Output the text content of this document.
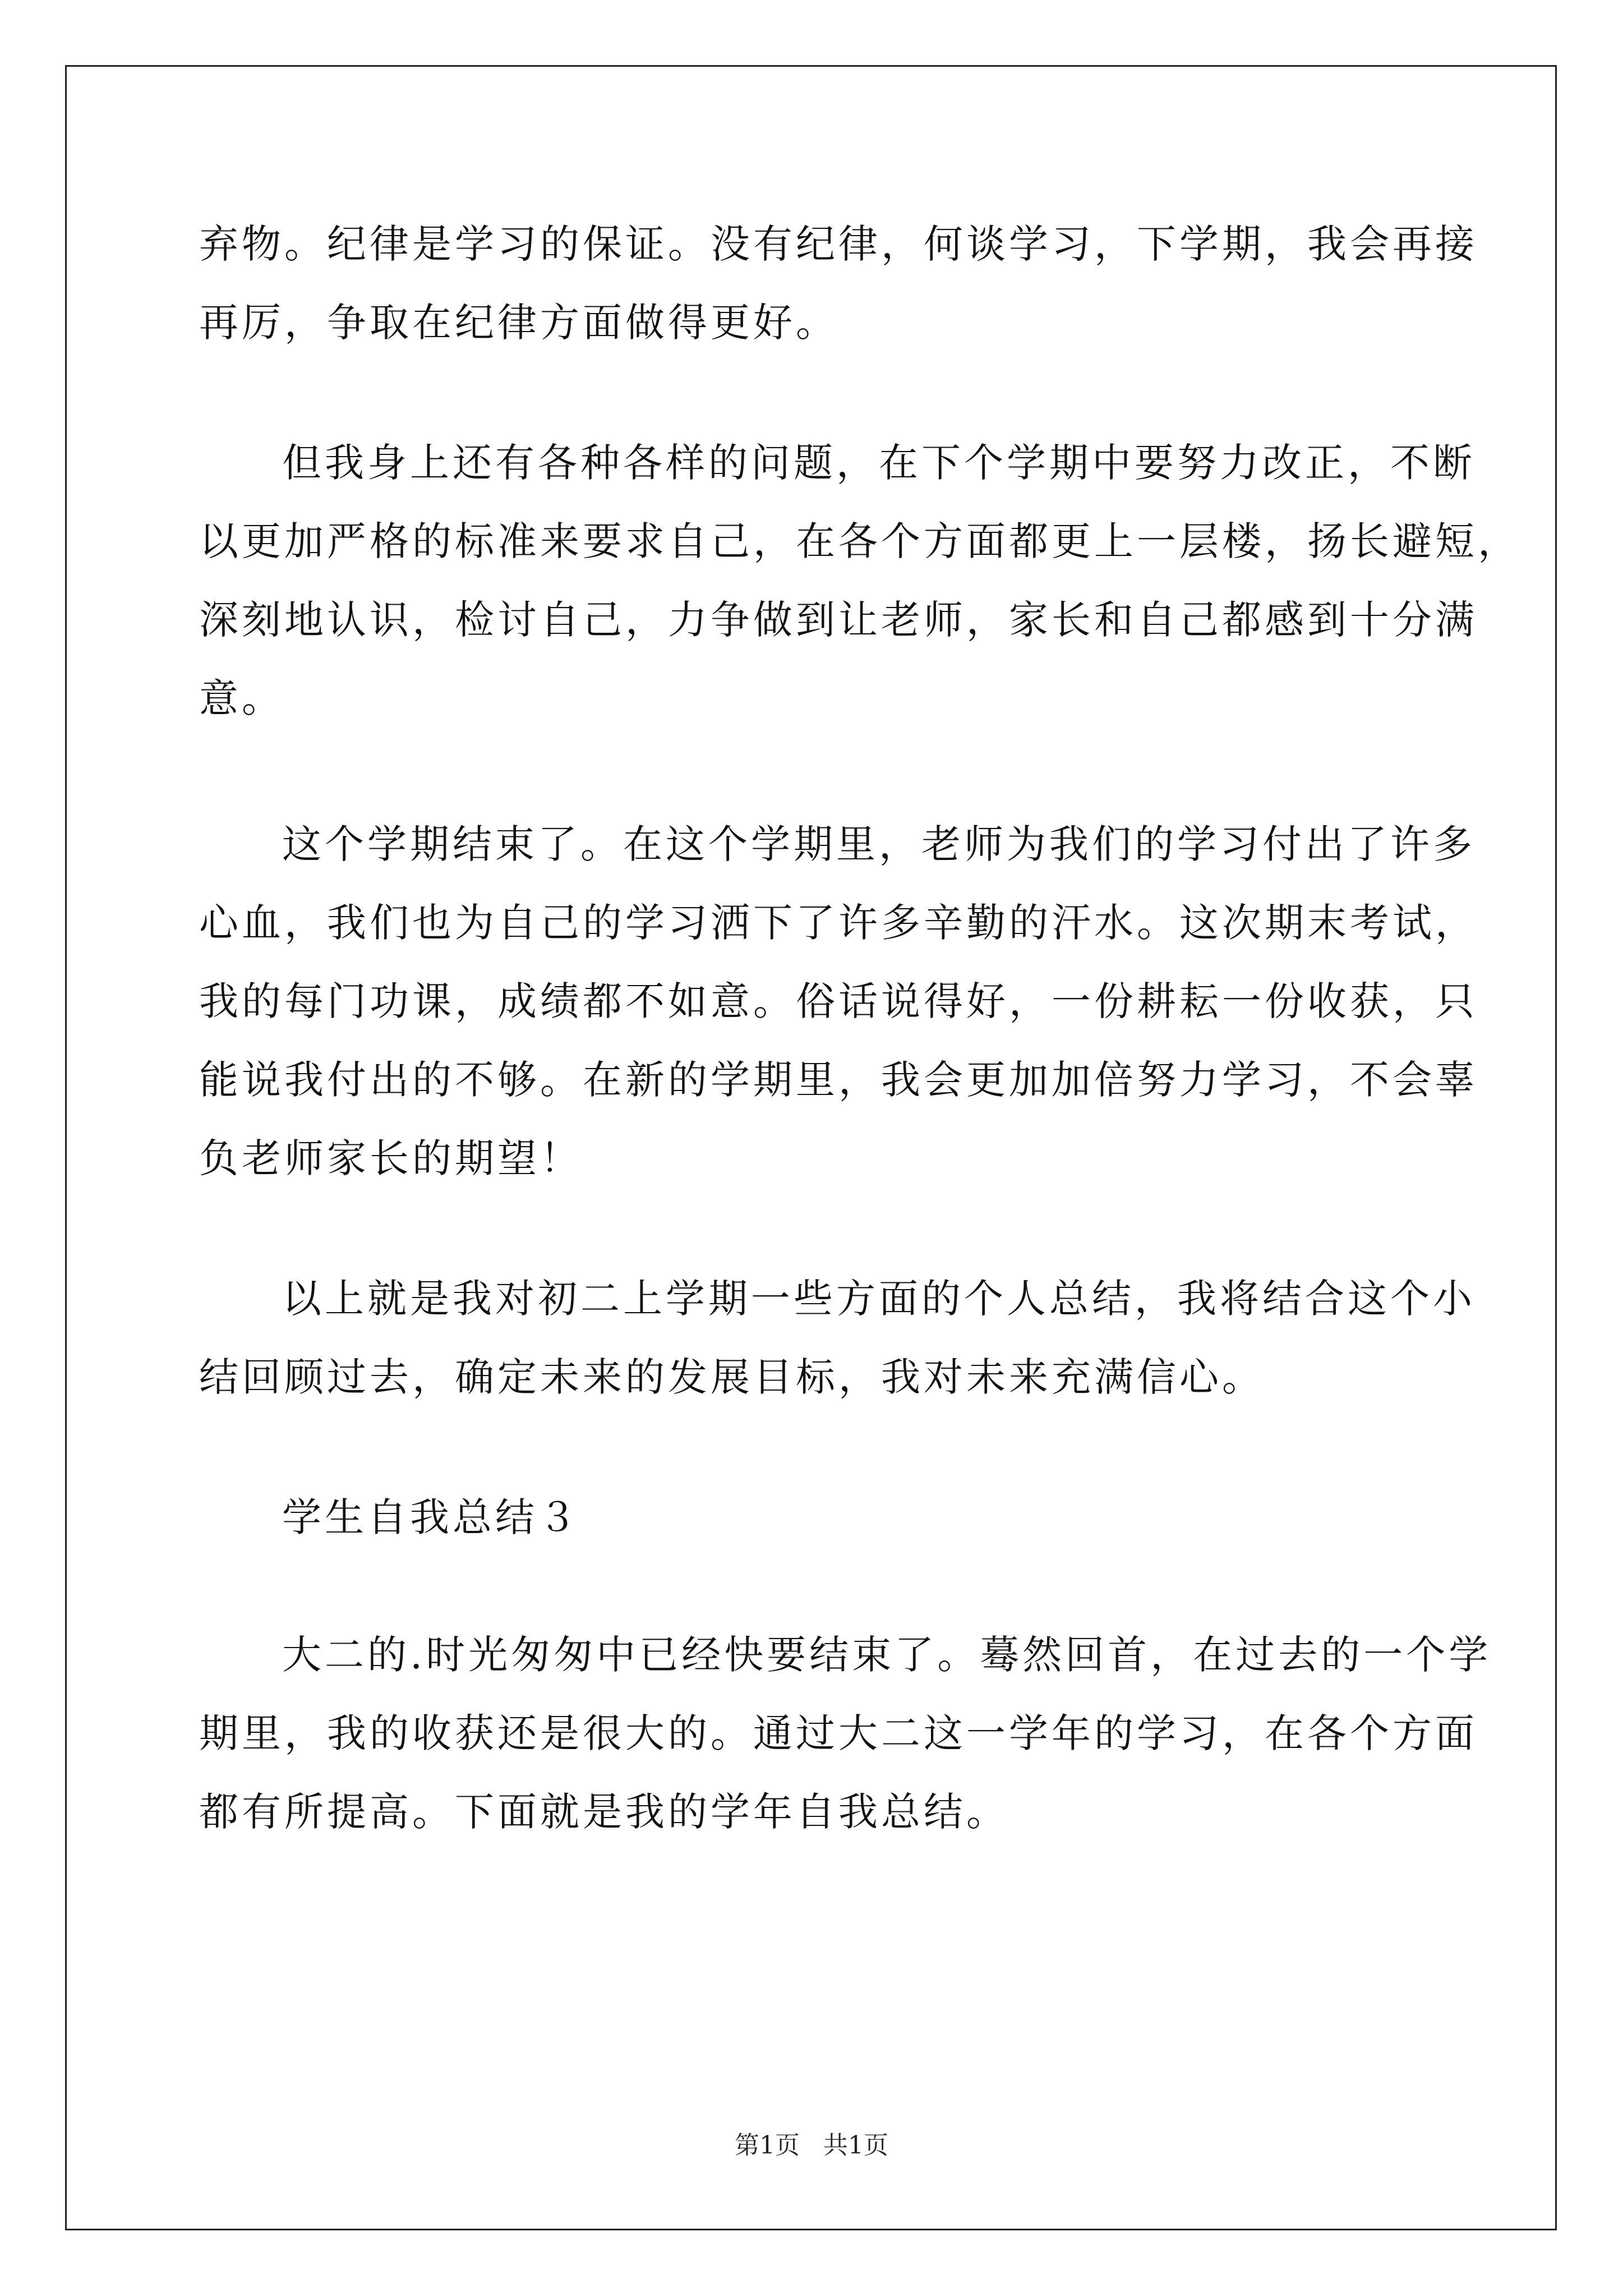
弃物。纪律是学习的保证。没有纪律，何谈学习，下学期，我会再接
再厉，争取在纪律方面做得更好。
但我身上还有各种各样的问题，在下个学期中要努力改正，不断
以更加严格的标准来要求自己，在各个方面都更上一层楼，扬长避短，
深刻地认识，检讨自己，力争做到让老师，家长和自己都感到十分满
意。
这个学期结束了。在这个学期里，老师为我们的学习付出了许多
心血，我们也为自己的学习洒下了许多辛勤的汗水。这次期末考试，
我的每门功课，成绩都不如意。俗话说得好，一份耕耘一份收获，只
能说我付出的不够。在新的学期里，我会更加加倍努力学习，不会辜
负老师家长的期望！
以上就是我对初二上学期一些方面的个人总结，我将结合这个小
结回顾过去，确定未来的发展目标，我对未来充满信心。
学生自我总结３
大二的.时光匆匆中已经快要结束了。蓦然回首，在过去的一个学
期里，我的收获还是很大的。通过大二这一学年的学习，在各个方面
都有所提高。下面就是我的学年自我总结。
第1页 共1页
